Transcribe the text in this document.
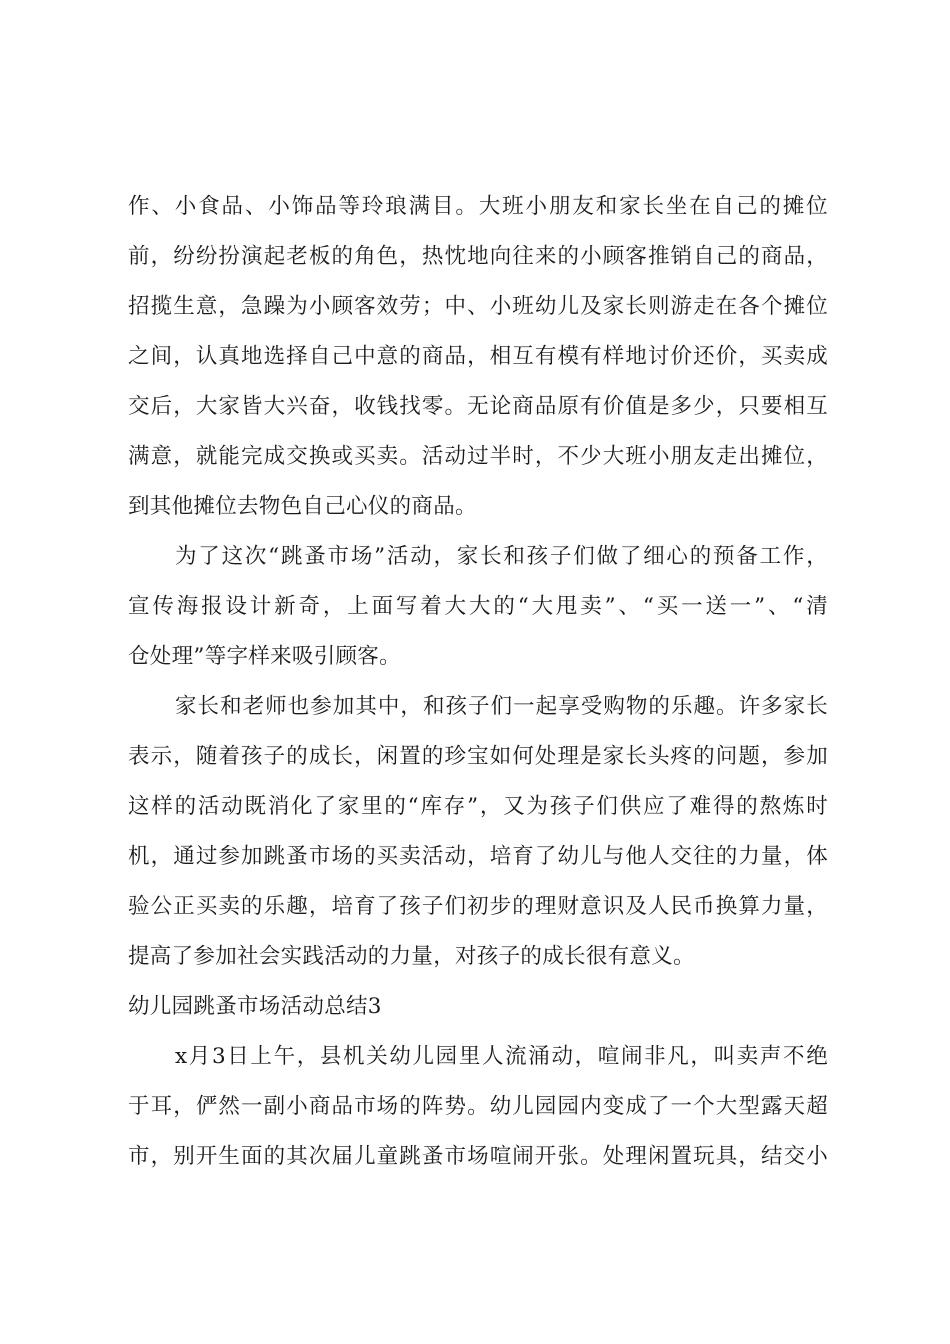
作、小食品、小饰品等玲琅满目。大班小朋友和家长坐在自己的摊位
前，纷纷扮演起老板的角色，热忱地向往来的小顾客推销自己的商品，
招揽生意，急躁为小顾客效劳；中、小班幼儿及家长则游走在各个摊位
之间，认真地选择自己中意的商品，相互有模有样地讨价还价，买卖成
交后，大家皆大兴奋，收钱找零。无论商品原有价值是多少，只要相互
满意，就能完成交换或买卖。活动过半时，不少大班小朋友走出摊位，
到其他摊位去物色自己心仪的商品。
为了这次“跳蚤市场”活动，家长和孩子们做了细心的预备工作，
宣传海报设计新奇，上面写着大大的“大甩卖”、“买一送一”、“清
仓处理”等字样来吸引顾客。
家长和老师也参加其中，和孩子们一起享受购物的乐趣。许多家长
表示，随着孩子的成长，闲置的珍宝如何处理是家长头疼的问题，参加
这样的活动既消化了家里的“库存”，又为孩子们供应了难得的熬炼时
机，通过参加跳蚤市场的买卖活动，培育了幼儿与他人交往的力量，体
验公正买卖的乐趣，培育了孩子们初步的理财意识及人民币换算力量，
提高了参加社会实践活动的力量，对孩子的成长很有意义。
幼儿园跳蚤市场活动总结3
x月3日上午，县机关幼儿园里人流涌动，喧闹非凡，叫卖声不绝
于耳，俨然一副小商品市场的阵势。幼儿园园内变成了一个大型露天超
市，别开生面的其次届儿童跳蚤市场喧闹开张。处理闲置玩具，结交小
